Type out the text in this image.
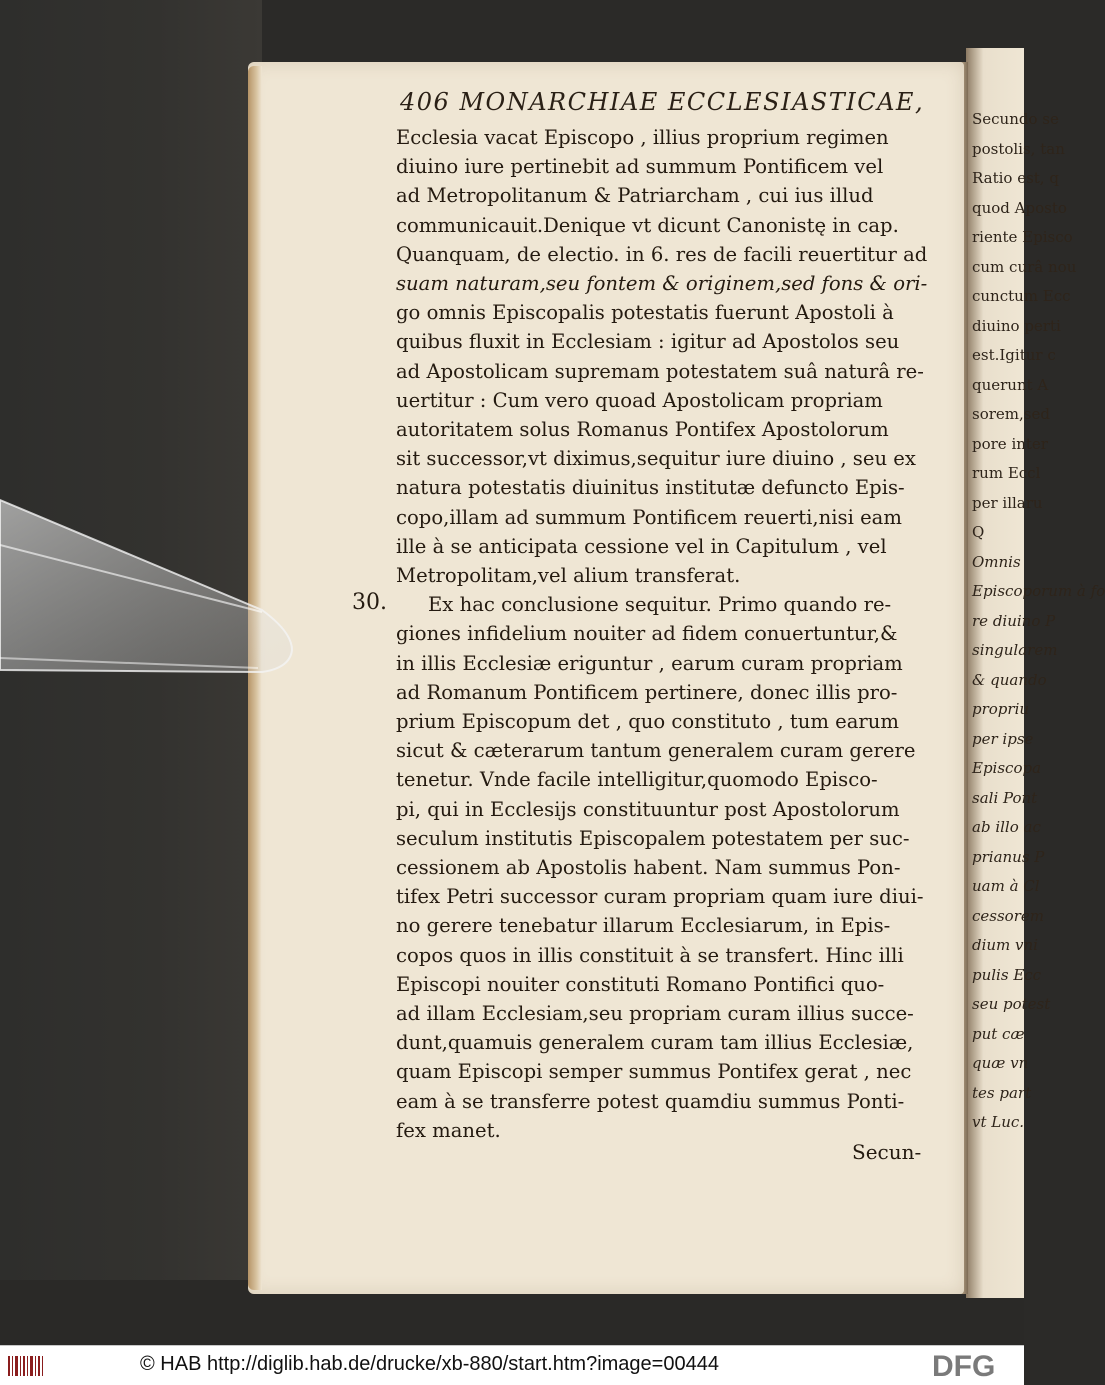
Secundo se
postolis, tan
Ratio est, q
quod Aposto
riente Episco
cum curâ nou
cunctum Ecc
diuino perti
est.Igitur c
querunt A
sorem,sed
pore inter
rum Eccl
per illaru
Q
Omnis
Episcoporum à fo
re diuino P
singularem
& quando
propriu
per ipse
Episcopa
sali Pont
ab illo ac
prianus P
uam à Cl
cessorem
dium vni
pulis Ecc
seu potest
put cæ
quæ vn
tes part
vt Luc.
406 MONARCHIAE ECCLESIASTICAE,
Ecclesia vacat Episcopo , illius proprium regimen
diuino iure pertinebit ad summum Pontificem vel
ad Metropolitanum & Patriarcham , cui ius illud
communicauit.Denique vt dicunt Canonistę in cap.
Quanquam, de electio. in 6. res de facili reuertitur ad
suam naturam,seu fontem & originem,sed fons & ori-
go omnis Episcopalis potestatis fuerunt Apostoli à
quibus fluxit in Ecclesiam : igitur ad Apostolos seu
ad Apostolicam supremam potestatem suâ naturâ re-
uertitur : Cum vero quoad Apostolicam propriam
autoritatem solus Romanus Pontifex Apostolorum
sit successor,vt diximus,sequitur iure diuino , seu ex
natura potestatis diuinitus institutæ defuncto Epis-
copo,illam ad summum Pontificem reuerti,nisi eam
ille à se anticipata cessione vel in Capitulum , vel
Metropolitam,vel alium transferat.
Ex hac conclusione sequitur. Primo quando re-
giones infidelium nouiter ad fidem conuertuntur,&
in illis Ecclesiæ eriguntur , earum curam propriam
ad Romanum Pontificem pertinere, donec illis pro-
prium Episcopum det , quo constituto , tum earum
sicut & cæterarum tantum generalem curam gerere
tenetur. Vnde facile intelligitur,quomodo Episco-
pi, qui in Ecclesijs constituuntur post Apostolorum
seculum institutis Episcopalem potestatem per suc-
cessionem ab Apostolis habent. Nam summus Pon-
tifex Petri successor curam propriam quam iure diui-
no gerere tenebatur illarum Ecclesiarum, in Epis-
copos quos in illis constituit à se transfert. Hinc illi
Episcopi nouiter constituti Romano Pontifici quo-
ad illam Ecclesiam,seu propriam curam illius succe-
dunt,quamuis generalem curam tam illius Ecclesiæ,
quam Episcopi semper summus Pontifex gerat , nec
eam à se transferre potest quamdiu summus Ponti-
fex manet.
30.
Secun-
© HAB http://diglib.hab.de/drucke/xb-880/start.htm?image=00444	DFG
